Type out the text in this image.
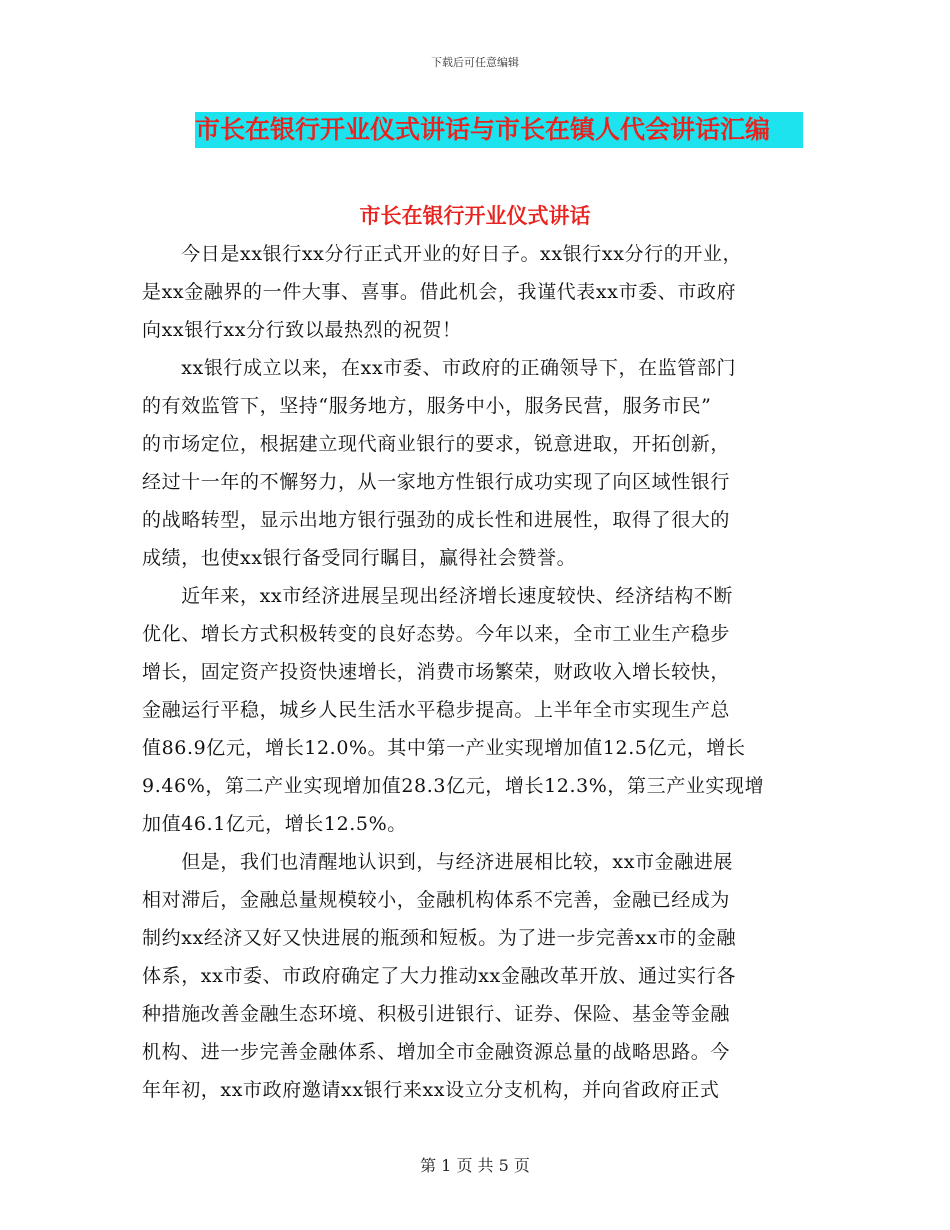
下载后可任意编辑
市长在银行开业仪式讲话与市长在镇人代会讲话汇编
市长在银行开业仪式讲话
　　今日是xx银行xx分行正式开业的好日子。xx银行xx分行的开业，
是xx金融界的一件大事、喜事。借此机会，我谨代表xx市委、市政府
向xx银行xx分行致以最热烈的祝贺！
　　xx银行成立以来，在xx市委、市政府的正确领导下，在监管部门
的有效监管下，坚持“服务地方，服务中小，服务民营，服务市民”
的市场定位，根据建立现代商业银行的要求，锐意进取，开拓创新，
经过十一年的不懈努力，从一家地方性银行成功实现了向区域性银行
的战略转型，显示出地方银行强劲的成长性和进展性，取得了很大的
成绩，也使xx银行备受同行瞩目，赢得社会赞誉。
　　近年来，xx市经济进展呈现出经济增长速度较快、经济结构不断
优化、增长方式积极转变的良好态势。今年以来，全市工业生产稳步
增长，固定资产投资快速增长，消费市场繁荣，财政收入增长较快，
金融运行平稳，城乡人民生活水平稳步提高。上半年全市实现生产总
值86.9亿元，增长12.0%。其中第一产业实现增加值12.5亿元，增长
9.46%，第二产业实现增加值28.3亿元，增长12.3%，第三产业实现增
加值46.1亿元，增长12.5%。
　　但是，我们也清醒地认识到，与经济进展相比较，xx市金融进展
相对滞后，金融总量规模较小，金融机构体系不完善，金融已经成为
制约xx经济又好又快进展的瓶颈和短板。为了进一步完善xx市的金融
体系，xx市委、市政府确定了大力推动xx金融改革开放、通过实行各
种措施改善金融生态环境、积极引进银行、证券、保险、基金等金融
机构、进一步完善金融体系、增加全市金融资源总量的战略思路。今
年年初，xx市政府邀请xx银行来xx设立分支机构，并向省政府正式
第 1 页 共 5 页
